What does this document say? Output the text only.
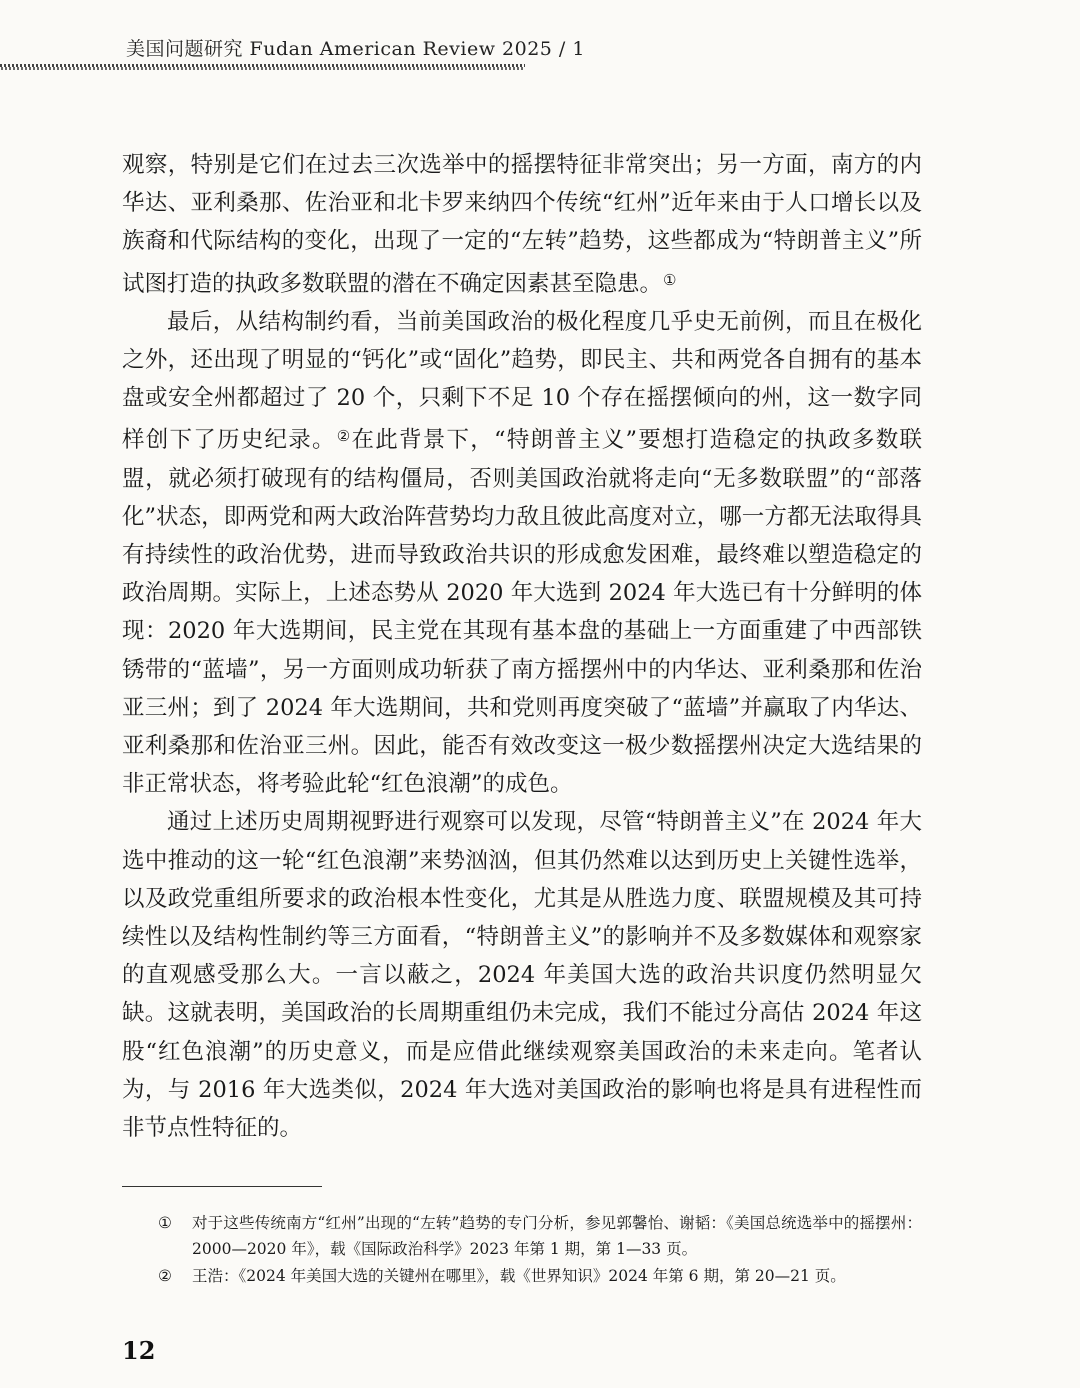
美国问题研究 Fudan American Review 2025 / 1

观察，特别是它们在过去三次选举中的摇摆特征非常突出；另一方面，南方的内华达、亚利桑那、佐治亚和北卡罗来纳四个传统“红州”近年来由于人口增长以及族裔和代际结构的变化，出现了一定的“左转”趋势，这些都成为“特朗普主义”所试图打造的执政多数联盟的潜在不确定因素甚至隐患。①

最后，从结构制约看，当前美国政治的极化程度几乎史无前例，而且在极化之外，还出现了明显的“钙化”或“固化”趋势，即民主、共和两党各自拥有的基本盘或安全州都超过了 20 个，只剩下不足 10 个存在摇摆倾向的州，这一数字同样创下了历史纪录。②在此背景下，“特朗普主义”要想打造稳定的执政多数联盟，就必须打破现有的结构僵局，否则美国政治就将走向“无多数联盟”的“部落化”状态，即两党和两大政治阵营势均力敌且彼此高度对立，哪一方都无法取得具有持续性的政治优势，进而导致政治共识的形成愈发困难，最终难以塑造稳定的政治周期。实际上，上述态势从 2020 年大选到 2024 年大选已有十分鲜明的体现：2020 年大选期间，民主党在其现有基本盘的基础上一方面重建了中西部铁锈带的“蓝墙”，另一方面则成功斩获了南方摇摆州中的内华达、亚利桑那和佐治亚三州；到了 2024 年大选期间，共和党则再度突破了“蓝墙”并赢取了内华达、亚利桑那和佐治亚三州。因此，能否有效改变这一极少数摇摆州决定大选结果的非正常状态，将考验此轮“红色浪潮”的成色。

通过上述历史周期视野进行观察可以发现，尽管“特朗普主义”在 2024 年大选中推动的这一轮“红色浪潮”来势汹汹，但其仍然难以达到历史上关键性选举，以及政党重组所要求的政治根本性变化，尤其是从胜选力度、联盟规模及其可持续性以及结构性制约等三方面看，“特朗普主义”的影响并不及多数媒体和观察家的直观感受那么大。一言以蔽之，2024 年美国大选的政治共识度仍然明显欠缺。这就表明，美国政治的长周期重组仍未完成，我们不能过分高估 2024 年这股“红色浪潮”的历史意义，而是应借此继续观察美国政治的未来走向。笔者认为，与 2016 年大选类似，2024 年大选对美国政治的影响也将是具有进程性而非节点性特征的。

①	对于这些传统南方“红州”出现的“左转”趋势的专门分析，参见郭馨怡、谢韬：《美国总统选举中的摇摆州：2000—2020 年》，载《国际政治科学》2023 年第 1 期，第 1—33 页。
②	王浩：《2024 年美国大选的关键州在哪里》，载《世界知识》2024 年第 6 期，第 20—21 页。
12
